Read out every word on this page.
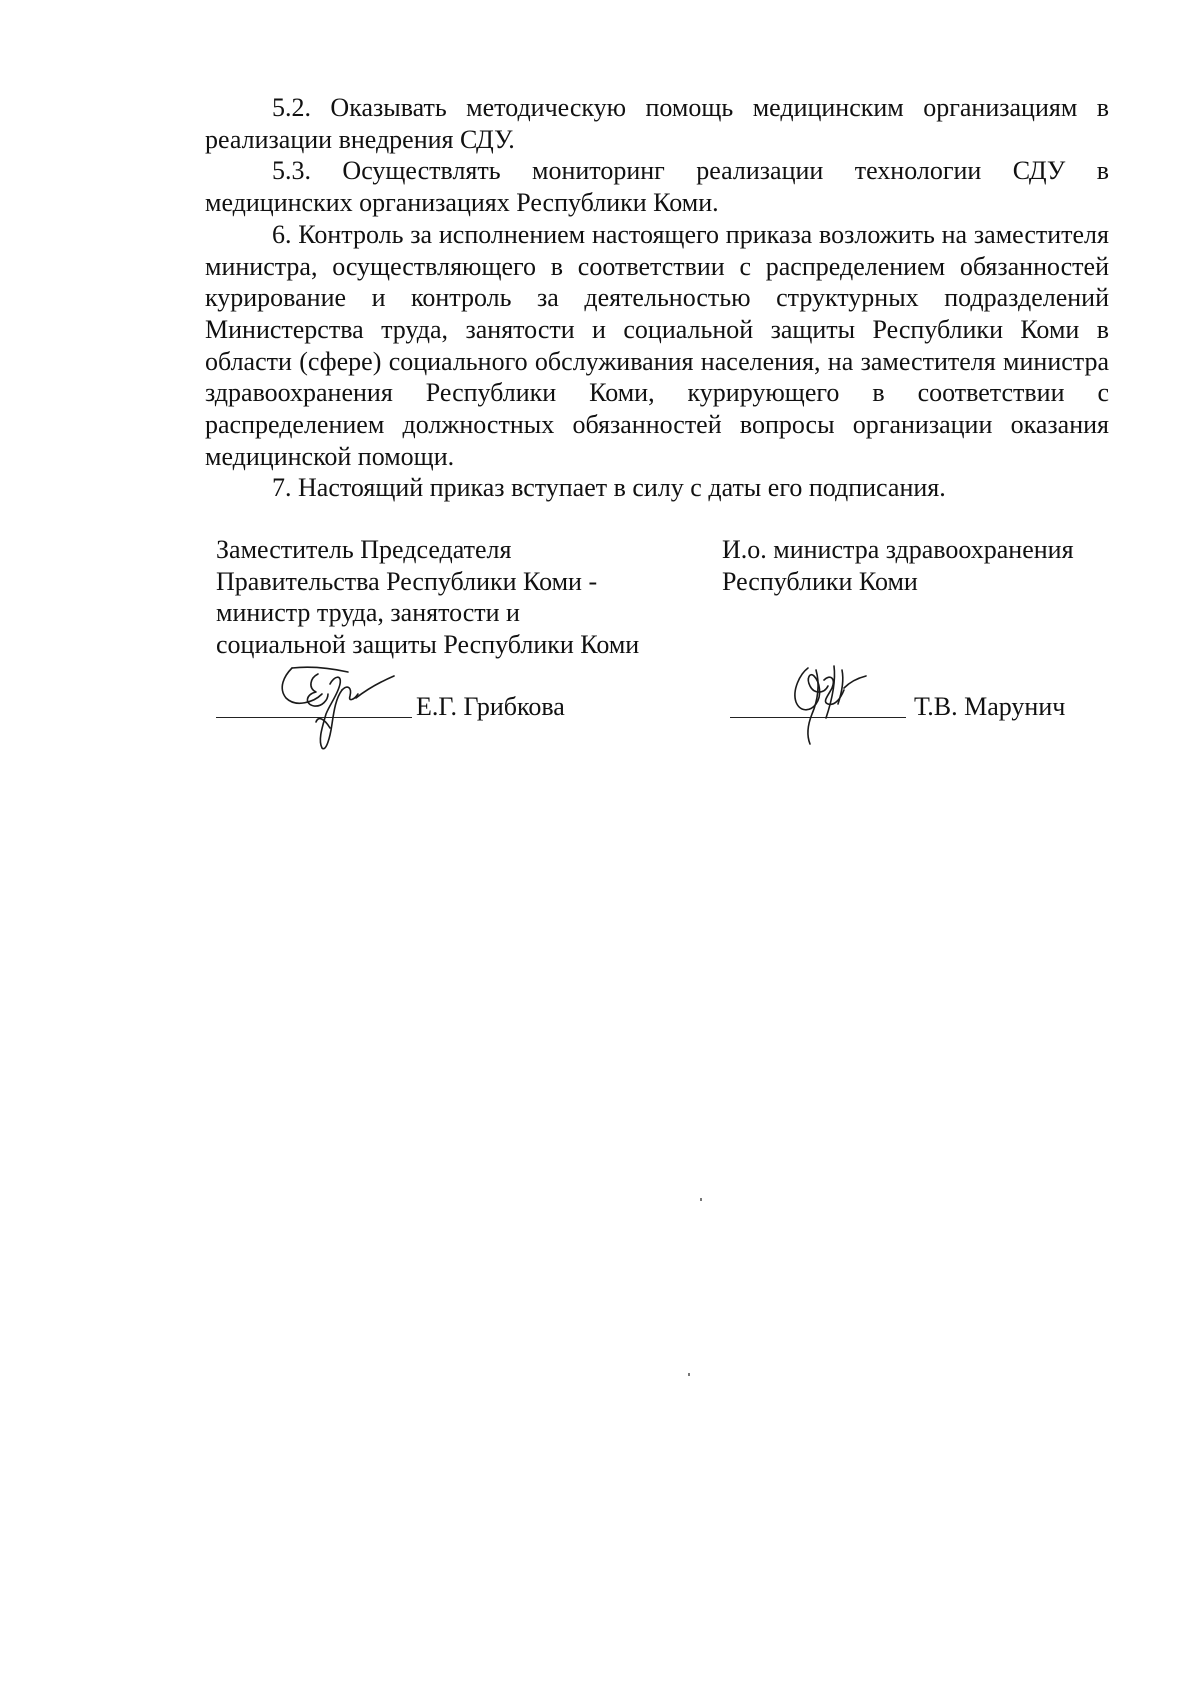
5.2. Оказывать методическую помощь медицинским организациям в реализации внедрения СДУ.

5.3. Осуществлять мониторинг реализации технологии СДУ в медицинских организациях Республики Коми.

6. Контроль за исполнением настоящего приказа возложить на заместителя министра, осуществляющего в соответствии с распределением обязанностей курирование и контроль за деятельностью структурных подразделений Министерства труда, занятости и социальной защиты Республики Коми в области (сфере) социального обслуживания населения, на заместителя министра здравоохранения Республики Коми, курирующего в соответствии с распределением должностных обязанностей вопросы организации оказания медицинской помощи.

7. Настоящий приказ вступает в силу с даты его подписания.

Заместитель Председателя
Правительства Республики Коми -
министр труда, занятости и
социальной защиты Республики Коми
И.о. министра здравоохранения
Республики Коми
Е.Г. Грибкова	Т.В. Марунич
